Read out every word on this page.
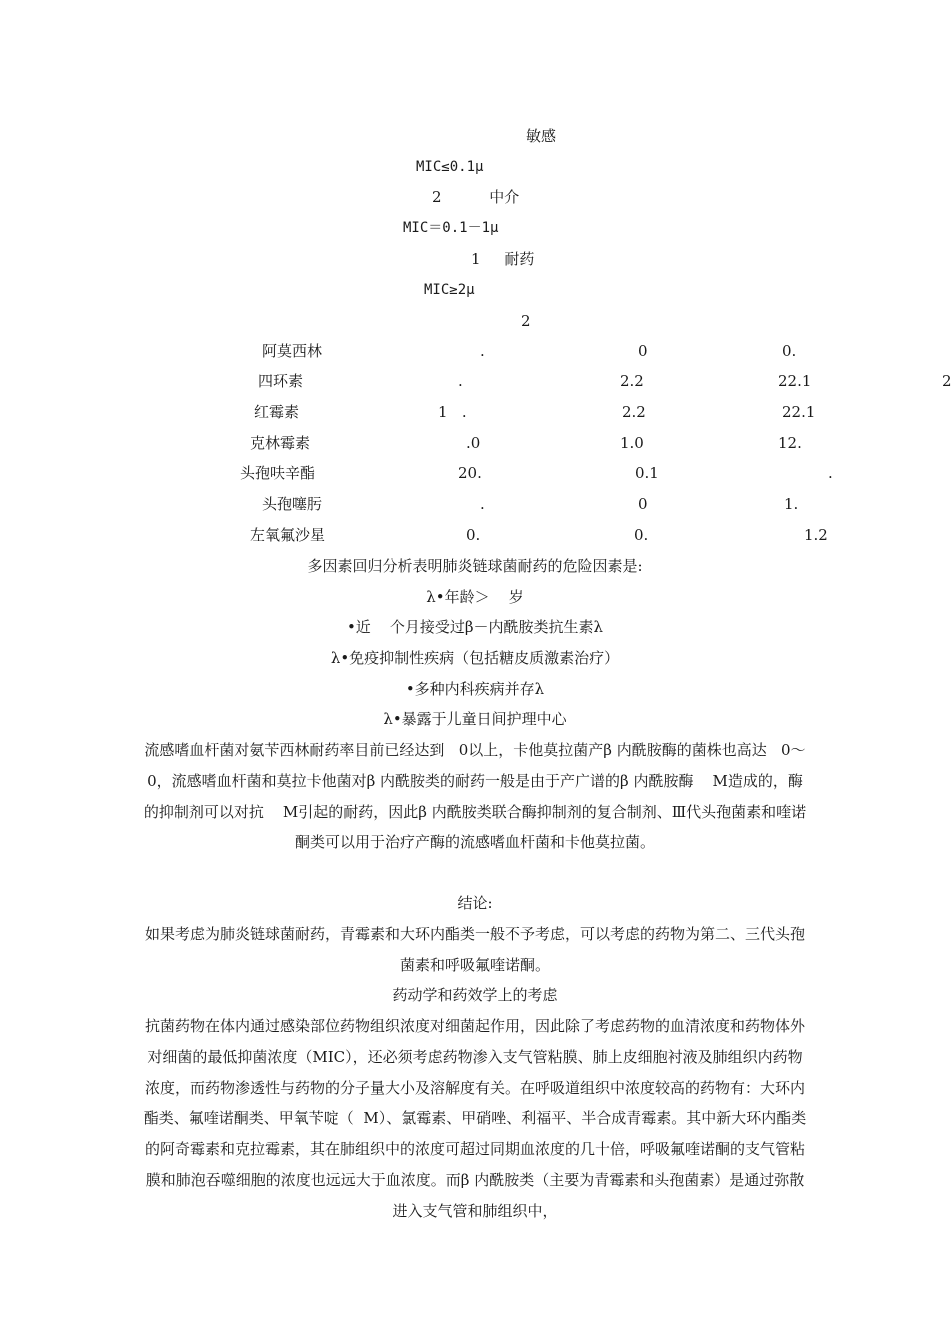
敏感
MIC≤0.1μ
2          中介
MIC＝0.1－1μ
1     耐药
MIC≥2μ
2
阿莫西林	.	0	0.
四环素	.	2.2	22.1	2
红霉素	1   .	2.2	22.1
克林霉素	.0	1.0	12.
头孢呋辛酯	20.	0.1	.
头孢噻肟	.	0	1.
左氧氟沙星	0.	0.	1.2
多因素回归分析表明肺炎链球菌耐药的危险因素是:
λ•年龄＞    岁
•近    个月接受过β－内酰胺类抗生素λ
λ•免疫抑制性疾病（包括糖皮质激素治疗）
•多种内科疾病并存λ
λ•暴露于儿童日间护理中心
流感嗜血杆菌对氨苄西林耐药率目前已经达到   0以上，卡他莫拉菌产β 内酰胺酶的菌株也高达   0～  0，流感嗜血杆菌和莫拉卡他菌对β 内酰胺类的耐药一般是由于产广谱的β 内酰胺酶    M造成的，酶的抑制剂可以对抗    M引起的耐药，因此β 内酰胺类联合酶抑制剂的复合制剂、Ⅲ代头孢菌素和喹诺酮类可以用于治疗产酶的流感嗜血杆菌和卡他莫拉菌。
结论:
如果考虑为肺炎链球菌耐药，青霉素和大环内酯类一般不予考虑，可以考虑的药物为第二、三代头孢菌素和呼吸氟喹诺酮。
药动学和药效学上的考虑
抗菌药物在体内通过感染部位药物组织浓度对细菌起作用，因此除了考虑药物的血清浓度和药物体外对细菌的最低抑菌浓度（MIC），还必须考虑药物渗入支气管粘膜、肺上皮细胞衬液及肺组织内药物浓度，而药物渗透性与药物的分子量大小及溶解度有关。在呼吸道组织中浓度较高的药物有：大环内酯类、氟喹诺酮类、甲氧苄啶（  M）、氯霉素、甲硝唑、利福平、半合成青霉素。其中新大环内酯类的阿奇霉素和克拉霉素，其在肺组织中的浓度可超过同期血浓度的几十倍，呼吸氟喹诺酮的支气管粘膜和肺泡吞噬细胞的浓度也远远大于血浓度。而β 内酰胺类（主要为青霉素和头孢菌素）是通过弥散进入支气管和肺组织中，
